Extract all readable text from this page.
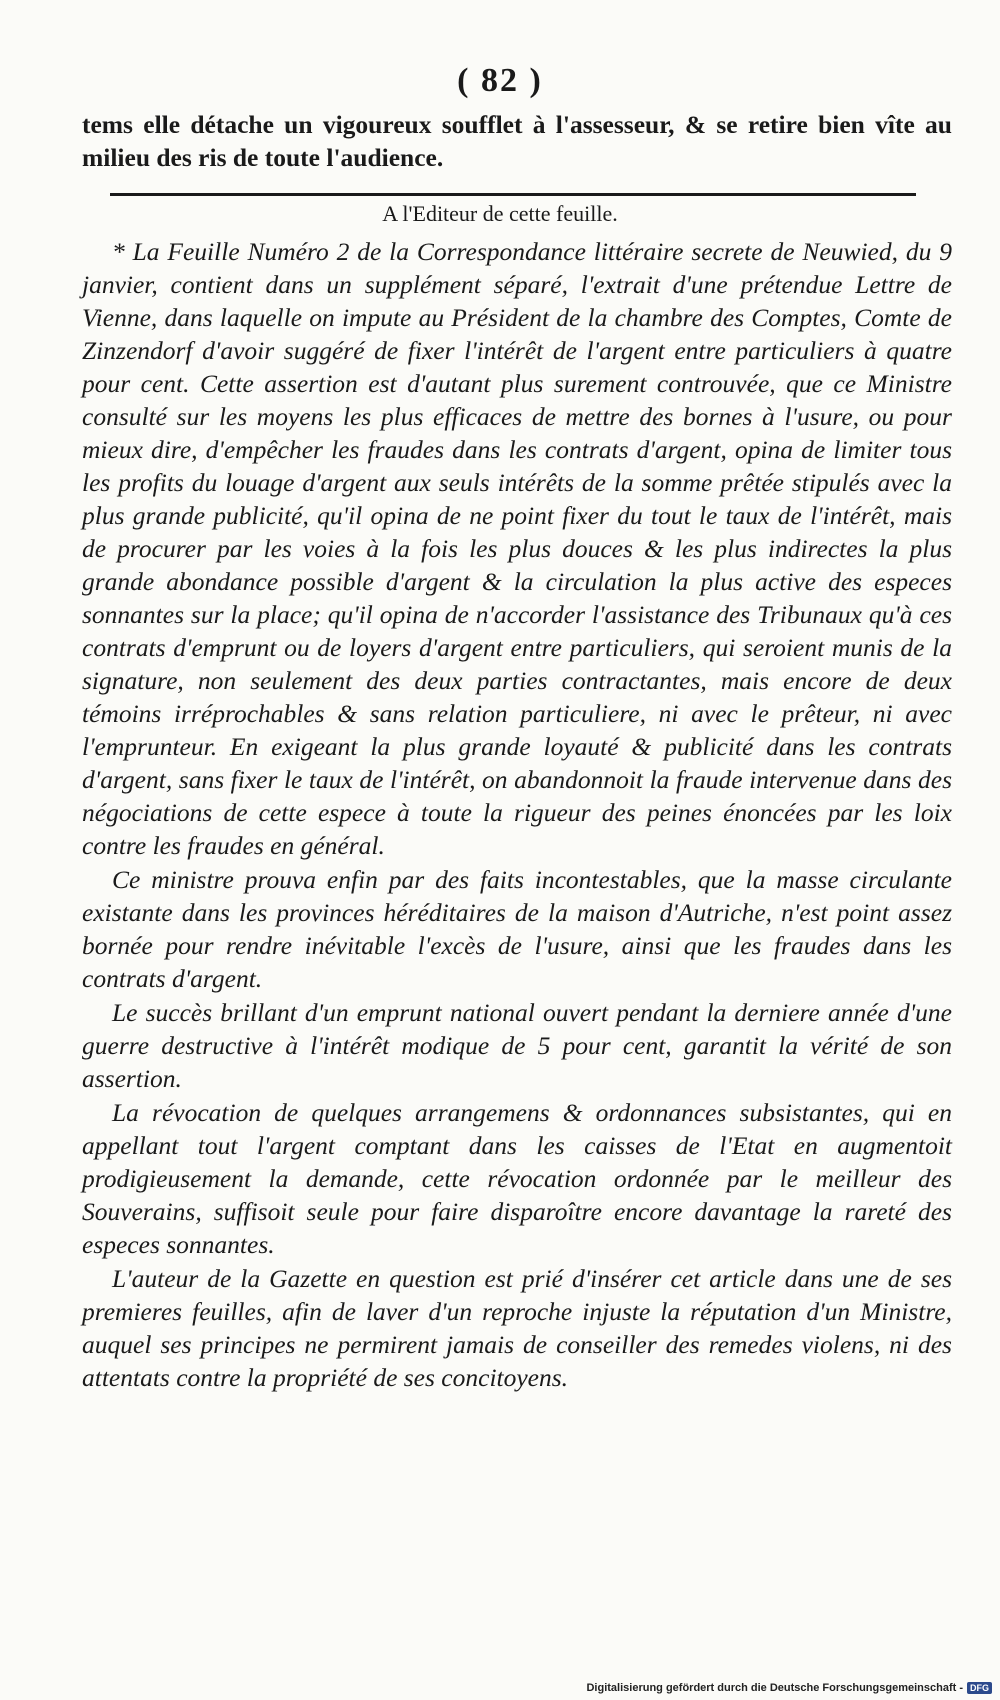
( 82 )

tems elle détache un vigoureux soufflet à l'assesseur, & se retire bien vîte au milieu des ris de toute l'audience.

A l'Editeur de cette feuille.

* La Feuille Numéro 2 de la Correspondance littéraire secrete de Neuwied, du 9 janvier, contient dans un supplément séparé, l'extrait d'une prétendue Lettre de Vienne, dans laquelle on impute au Président de la chambre des Comptes, Comte de Zinzendorf d'avoir suggéré de fixer l'intérêt de l'argent entre particuliers à quatre pour cent. Cette assertion est d'autant plus surement controuvée, que ce Ministre consulté sur les moyens les plus efficaces de mettre des bornes à l'usure, ou pour mieux dire, d'empêcher les fraudes dans les contrats d'argent, opina de limiter tous les profits du louage d'argent aux seuls intérêts de la somme prêtée stipulés avec la plus grande publicité, qu'il opina de ne point fixer du tout le taux de l'intérêt, mais de procurer par les voies à la fois les plus douces & les plus indirectes la plus grande abondance possible d'argent & la circulation la plus active des especes sonnantes sur la place; qu'il opina de n'accorder l'assistance des Tribunaux qu'à ces contrats d'emprunt ou de loyers d'argent entre particuliers, qui seroient munis de la signature, non seulement des deux parties contractantes, mais encore de deux témoins irréprochables & sans relation particuliere, ni avec le prêteur, ni avec l'emprunteur. En exigeant la plus grande loyauté & publicité dans les contrats d'argent, sans fixer le taux de l'intérêt, on abandonnoit la fraude intervenue dans des négociations de cette espece à toute la rigueur des peines énoncées par les loix contre les fraudes en général.

Ce ministre prouva enfin par des faits incontestables, que la masse circulante existante dans les provinces héréditaires de la maison d'Autriche, n'est point assez bornée pour rendre inévitable l'excès de l'usure, ainsi que les fraudes dans les contrats d'argent.

Le succès brillant d'un emprunt national ouvert pendant la derniere année d'une guerre destructive à l'intérêt modique de 5 pour cent, garantit la vérité de son assertion.

La révocation de quelques arrangemens & ordonnances subsistantes, qui en appellant tout l'argent comptant dans les caisses de l'Etat en augmentoit prodigieusement la demande, cette révocation ordonnée par le meilleur des Souverains, suffisoit seule pour faire disparoître encore davantage la rareté des especes sonnantes.

L'auteur de la Gazette en question est prié d'insérer cet article dans une de ses premieres feuilles, afin de laver d'un reproche injuste la réputation d'un Ministre, auquel ses principes ne permirent jamais de conseiller des remedes violens, ni des attentats contre la propriété de ses concitoyens.

Digitalisierung gefördert durch die Deutsche Forschungsgemeinschaft - DFG
